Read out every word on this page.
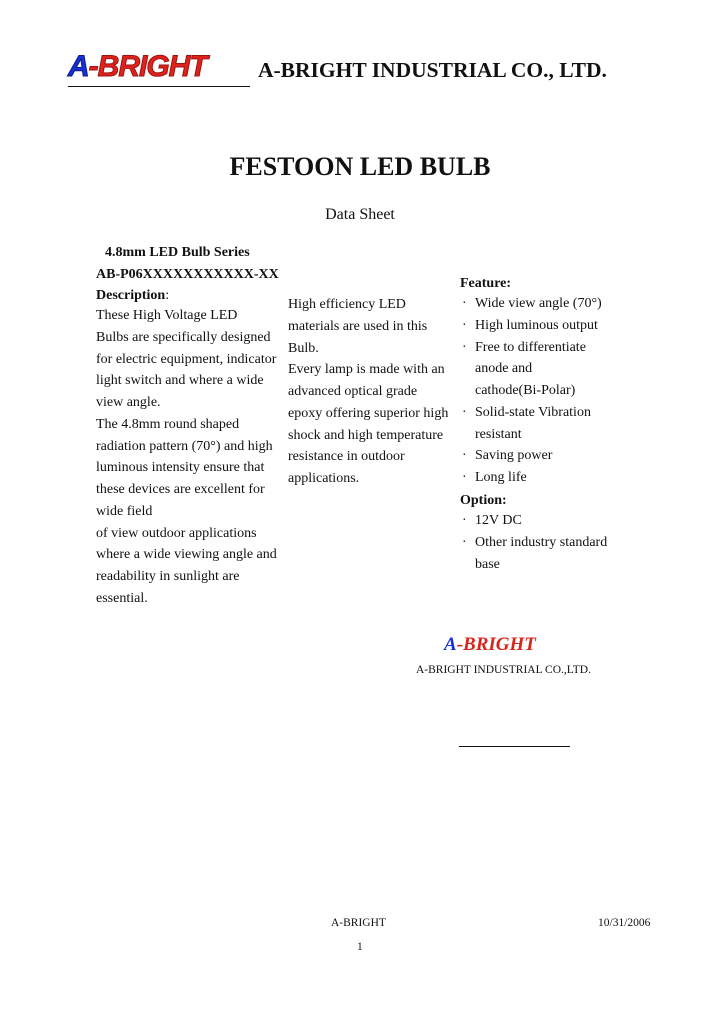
A-BRIGHT A-BRIGHT INDUSTRIAL CO., LTD.
FESTOON LED BULB
Data Sheet
4.8mm LED Bulb Series
AB-P06XXXXXXXXXXX-XX
Description:
These High Voltage LED
Bulbs are specifically designed
for electric equipment, indicator
light switch and where a wide
view angle.
The 4.8mm round shaped
radiation pattern (70°) and high
luminous intensity ensure that
these devices are excellent for
wide field
of view outdoor applications
where a wide viewing angle and
readability in sunlight are
essential.
High efficiency LED
materials are used in this
Bulb.
Every lamp is made with an
advanced optical grade
epoxy offering superior high
shock and high temperature
resistance in outdoor
applications.
Feature:
· Wide view angle (70°)
· High luminous output
· Free to differentiate
anode and
cathode(Bi-Polar)
· Solid-state Vibration
resistant
· Saving power
· Long life
Option:
· 12V DC
· Other industry standard
base
A-BRIGHT
A-BRIGHT INDUSTRIAL CO.,LTD.
A-BRIGHT	10/31/2006
1
